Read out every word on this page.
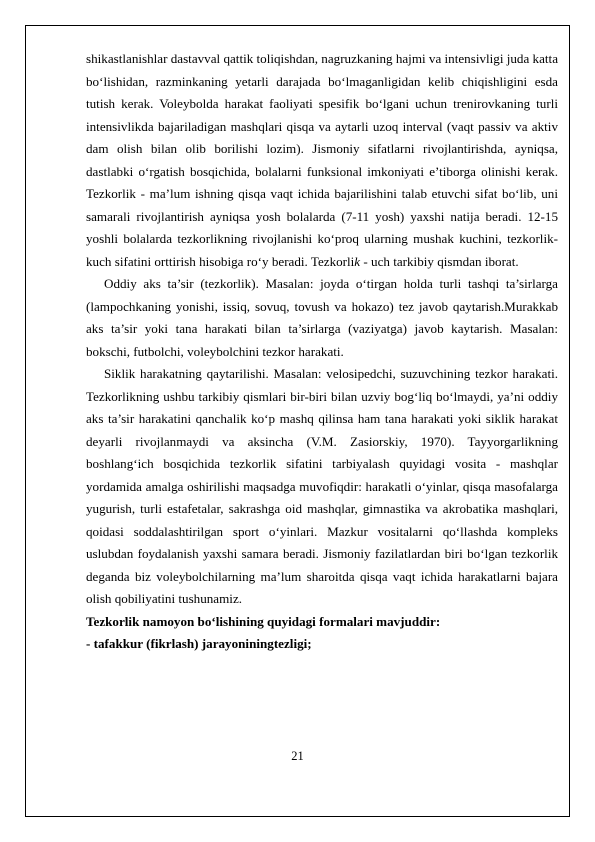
shikastlanishlar dastavval qattik toliqishdan, nagruzkaning hajmi va intensivligi juda katta bo‘lishidan, razminkaning yetarli darajada bo‘lmaganligidan kelib chiqishligini esda tutish kerak. Voleybolda harakat faoliyati spesifik bo‘lgani uchun trenirovkaning turli intensivlikda bajariladigan mashqlari qisqa va aytarli uzoq interval (vaqt passiv va aktiv dam olish bilan olib borilishi lozim). Jismoniy sifatlarni rivojlantirishda, ayniqsa, dastlabki o‘rgatish bosqichida, bolalarni funksional imkoniyati e’tiborga olinishi kerak. Tezkorlik - ma’lum ishning qisqa vaqt ichida bajarilishini talab etuvchi sifat bo‘lib, uni samarali rivojlantirish ayniqsa yosh bolalarda (7-11 yosh) yaxshi natija beradi. 12-15 yoshli bolalarda tezkorlikning rivojlanishi ko‘proq ularning mushak kuchini, tezkorlik-kuch sifatini orttirish hisobiga ro‘y beradi. Tezkorlik - uch tarkibiy qismdan iborat.

Oddiy aks ta’sir (tezkorlik). Masalan: joyda o‘tirgan holda turli tashqi ta’sirlarga (lampochkaning yonishi, issiq, sovuq, tovush va hokazo) tez javob qaytarish.Murakkab aks ta’sir yoki tana harakati bilan ta’sirlarga (vaziyatga) javob kaytarish. Masalan: bokschi, futbolchi, voleybolchini tezkor harakati.

Siklik harakatning qaytarilishi. Masalan: velosipedchi, suzuvchining tezkor harakati. Tezkorlikning ushbu tarkibiy qismlari bir-biri bilan uzviy bog‘liq bo‘lmaydi, ya’ni oddiy aks ta’sir harakatini qanchalik ko‘p mashq qilinsa ham tana harakati yoki siklik harakat deyarli rivojlanmaydi va aksincha (V.M. Zasiorskiy, 1970). Tayyorgarlikning boshlang‘ich bosqichida tezkorlik sifatini tarbiyalash quyidagi vosita - mashqlar yordamida amalga oshirilishi maqsadga muvofiqdir: harakatli o‘yinlar, qisqa masofalarga yugurish, turli estafetalar, sakrashga oid mashqlar, gimnastika va akrobatika mashqlari, qoidasi soddalashtirilgan sport o‘yinlari. Mazkur vositalarni qo‘llashda kompleks uslubdan foydalanish yaxshi samara beradi. Jismoniy fazilatlardan biri bo‘lgan tezkorlik deganda biz voleybolchilarning ma’lum sharoitda qisqa vaqt ichida harakatlarni bajara olish qobiliyatini tushunamiz.

Tezkorlik namoyon bo‘lishining quyidagi formalari mavjuddir:

- tafakkur (fikrlash) jarayoniningtezligi;

21
